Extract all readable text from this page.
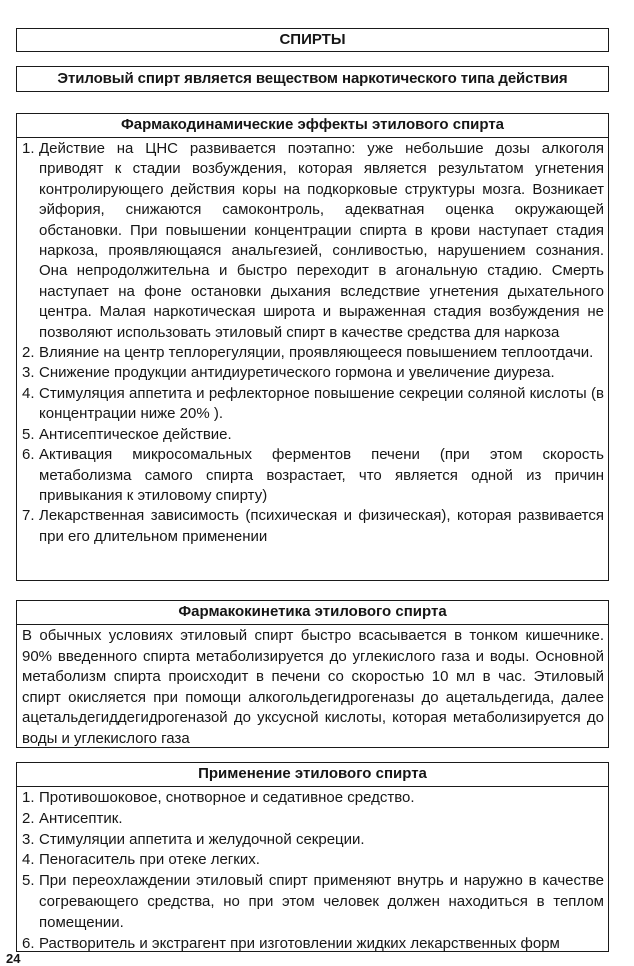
СПИРТЫ
Этиловый спирт является веществом наркотического типа действия
Фармакодинамические эффекты этилового спирта

1. Действие на ЦНС развивается поэтапно: уже небольшие дозы алкоголя приводят к стадии возбуждения, которая является результатом угнетения контролирующего действия коры на подкорковые структуры мозга. Возникает эйфория, снижаются самоконтроль, адекватная оценка окружающей обстановки. При повышении концентрации спирта в крови наступает стадия наркоза, проявляющаяся анальгезией, сонливостью, нарушением сознания. Она непродолжительна и быстро переходит в агональную стадию. Смерть наступает на фоне остановки дыхания вследствие угнетения дыхательного центра. Малая наркотическая широта и выраженная стадия возбуждения не позволяют использовать этиловый спирт в качестве средства для наркоза

2. Влияние на центр теплорегуляции, проявляющееся повышением теплоотдачи.

3. Снижение продукции антидиуретического гормона и увеличение диуреза.

4. Стимуляция аппетита и рефлекторное повышение секреции соляной кислоты (в концентрации ниже 20% ).

5. Антисептическое действие.

6. Активация микросомальных ферментов печени (при этом скорость метаболизма самого спирта возрастает, что является одной из причин привыкания к этиловому спирту)

7. Лекарственная зависимость (психическая и физическая), которая развивается при его длительном применении

Фармакокинетика этилового спирта

В обычных условиях этиловый спирт быстро всасывается в тонком кишечнике. 90% введенного спирта метаболизируется до углекислого газа и воды. Основной метаболизм спирта происходит в печени со скоростью 10 мл в час. Этиловый спирт окисляется при помощи алкогольдегидрогеназы до ацетальдегида, далее ацетальдегиддегидрогеназой до уксусной кислоты, которая метаболизируется до воды и углекислого газа

Применение этилового спирта

1. Противошоковое, снотворное и седативное средство.

2. Антисептик.

3. Стимуляции аппетита и желудочной секреции.

4. Пеногаситель при отеке легких.

5. При переохлаждении этиловый спирт применяют внутрь и наружно в качестве согревающего средства, но при этом человек должен находиться в теплом помещении.

6. Растворитель и экстрагент при изготовлении жидких лекарственных форм

24
